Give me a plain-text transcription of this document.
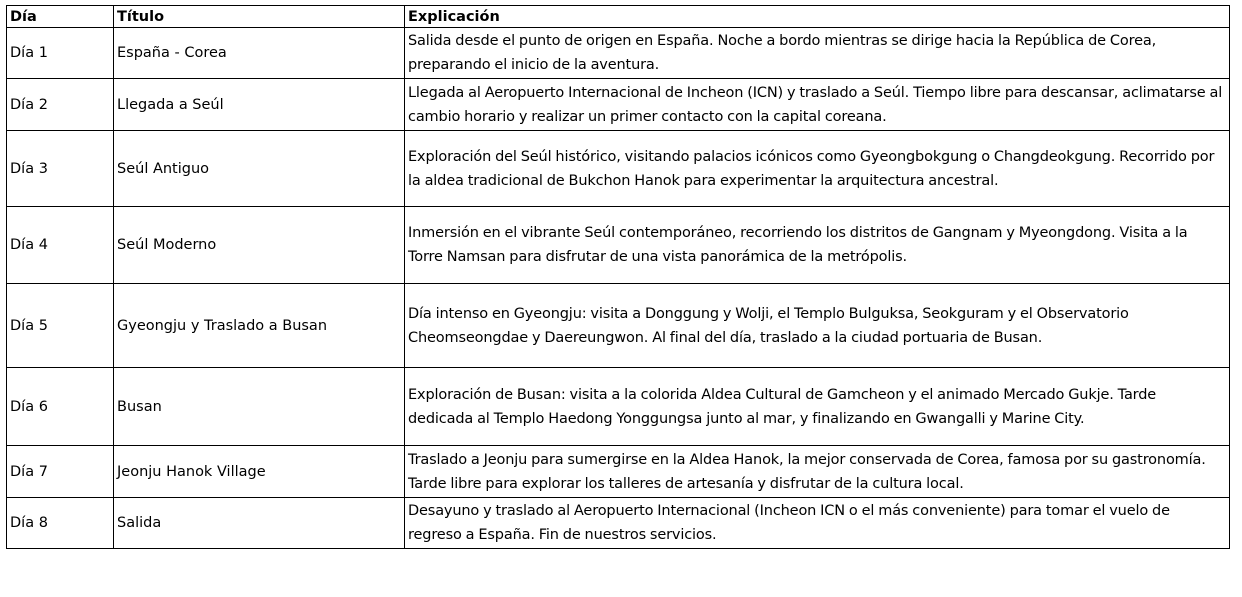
Día	Título	Explicación
Día 1	España - Corea	Salida desde el punto de origen en España. Noche a bordo mientras se dirige hacia la República de Corea, preparando el inicio de la aventura.
Día 2	Llegada a Seúl	Llegada al Aeropuerto Internacional de Incheon (ICN) y traslado a Seúl. Tiempo libre para descansar, aclimatarse al cambio horario y realizar un primer contacto con la capital coreana.
Día 3	Seúl Antiguo	Exploración del Seúl histórico, visitando palacios icónicos como Gyeongbokgung o Changdeokgung. Recorrido por la aldea tradicional de Bukchon Hanok para experimentar la arquitectura ancestral.
Día 4	Seúl Moderno	Inmersión en el vibrante Seúl contemporáneo, recorriendo los distritos de Gangnam y Myeongdong. Visita a la Torre Namsan para disfrutar de una vista panorámica de la metrópolis.
Día 5	Gyeongju y Traslado a Busan	Día intenso en Gyeongju: visita a Donggung y Wolji, el Templo Bulguksa, Seokguram y el Observatorio Cheomseongdae y Daereungwon. Al final del día, traslado a la ciudad portuaria de Busan.
Día 6	Busan	Exploración de Busan: visita a la colorida Aldea Cultural de Gamcheon y el animado Mercado Gukje. Tarde dedicada al Templo Haedong Yonggungsa junto al mar, y finalizando en Gwangalli y Marine City.
Día 7	Jeonju Hanok Village	Traslado a Jeonju para sumergirse en la Aldea Hanok, la mejor conservada de Corea, famosa por su gastronomía. Tarde libre para explorar los talleres de artesanía y disfrutar de la cultura local.
Día 8	Salida	Desayuno y traslado al Aeropuerto Internacional (Incheon ICN o el más conveniente) para tomar el vuelo de regreso a España. Fin de nuestros servicios.
